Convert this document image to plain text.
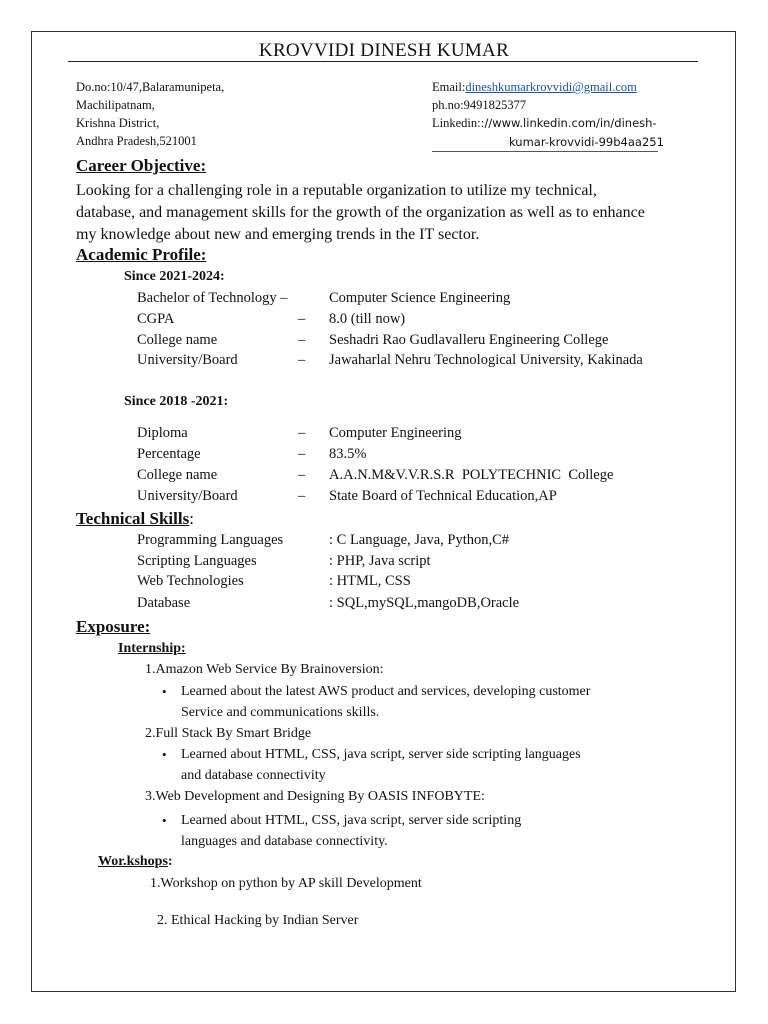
KROVVIDI DINESH KUMAR
Do.no:10/47,Balaramunipeta,
Machilipatnam,
Krishna District,
Andhra Pradesh,521001
Email:dineshkumarkrovvidi@gmail.com
ph.no:9491825377
Linkedin:://www.linkedin.com/in/dinesh-
kumar-krovvidi-99b4aa251
Career Objective:
Looking for a challenging role in a reputable organization to utilize my technical,
database, and management skills for the growth of the organization as well as to enhance
my knowledge about new and emerging trends in the IT sector.
Academic Profile:
Since 2021-2024:
Bachelor of Technology –	Computer Science Engineering
CGPA	– 8.0 (till now)
College name	– Seshadri Rao Gudlavalleru Engineering College
University/Board	– Jawaharlal Nehru Technological University, Kakinada
Since 2018 -2021:
Diploma	– Computer Engineering
Percentage	– 83.5%
College name	– A.A.N.M&V.V.R.S.R  POLYTECHNIC  College
University/Board	– State Board of Technical Education,AP
Technical Skills:
Programming Languages	: C Language, Java, Python,C#
Scripting Languages	: PHP, Java script
Web Technologies	: HTML, CSS
Database	: SQL,mySQL,mangoDB,Oracle
Exposure:
Internship:
1.Amazon Web Service By Brainoversion:
• Learned about the latest AWS product and services, developing customer
Service and communications skills.
2.Full Stack By Smart Bridge
• Learned about HTML, CSS, java script, server side scripting languages
and database connectivity
3.Web Development and Designing By OASIS INFOBYTE:
• Learned about HTML, CSS, java script, server side scripting
languages and database connectivity.
Wor.kshops:
1.Workshop on python by AP skill Development

2. Ethical Hacking by Indian Server
